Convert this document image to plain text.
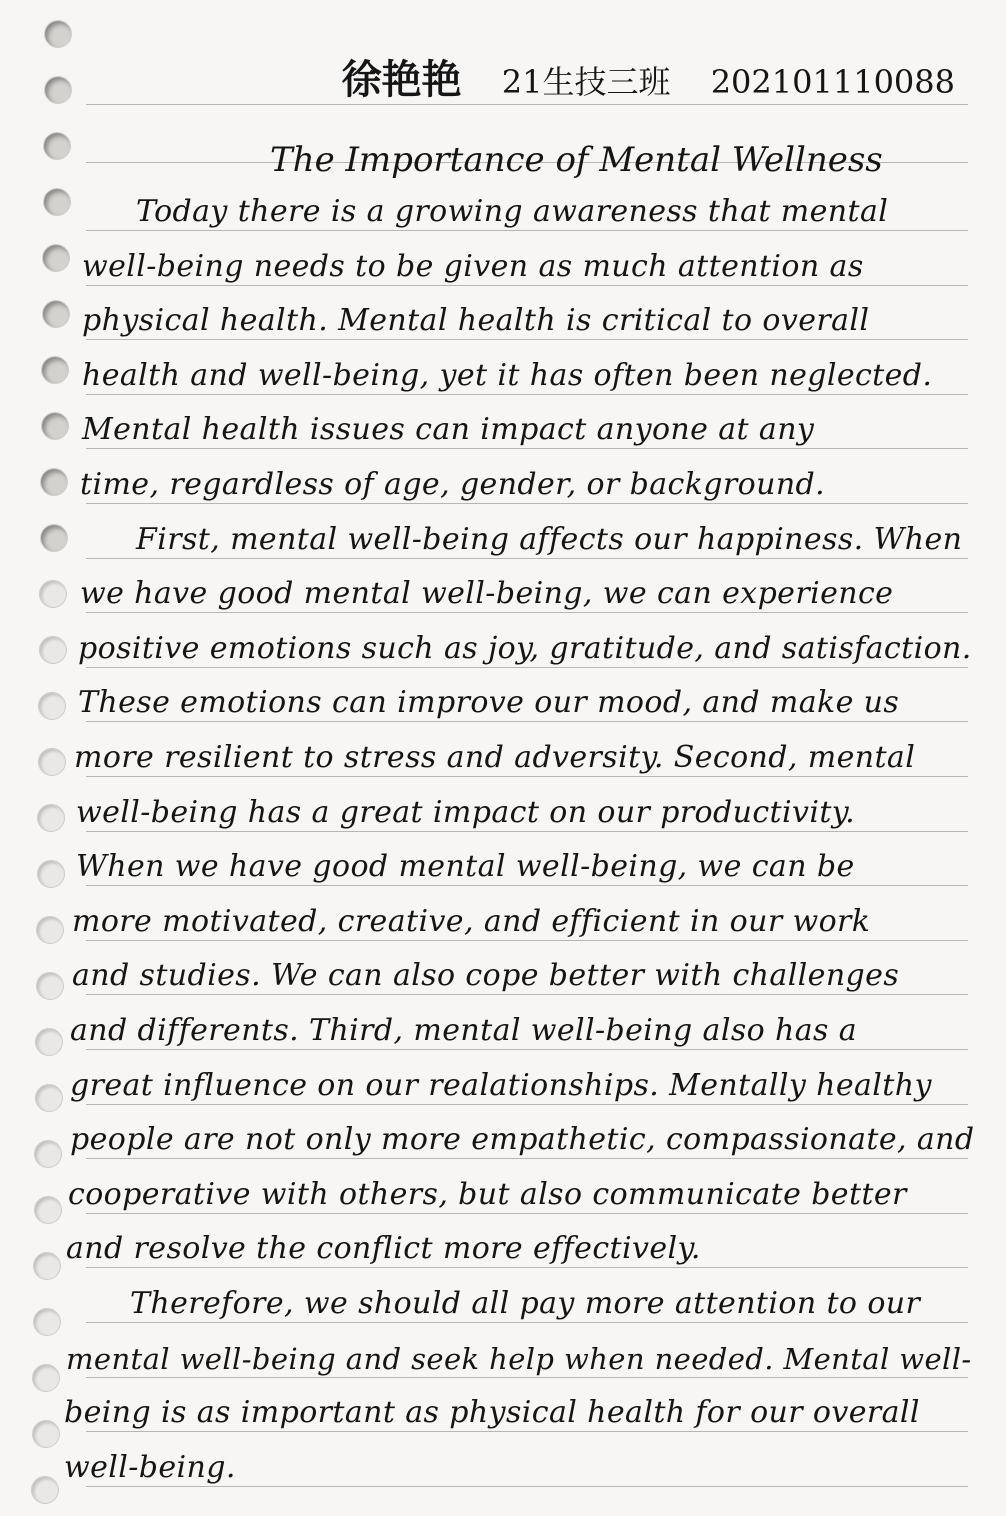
徐艳艳 21生技三班 202101110088
The Importance of Mental Wellness
Today there is a growing awareness that mental
well-being needs to be given as much attention as
physical health. Mental health is critical to overall
health and well-being, yet it has often been neglected.
Mental health issues can impact anyone at any
time, regardless of age, gender, or background.
First, mental well-being affects our happiness. When
we have good mental well-being, we can experience
positive emotions such as joy, gratitude, and satisfaction.
These emotions can improve our mood, and make us
more resilient to stress and adversity. Second, mental
well-being has a great impact on our productivity.
When we have good mental well-being, we can be
more motivated, creative, and efficient in our work
and studies. We can also cope better with challenges
and differents. Third, mental well-being also has a
great influence on our realationships. Mentally healthy
people are not only more empathetic, compassionate, and
cooperative with others, but also communicate better
and resolve the conflict more effectively.
Therefore, we should all pay more attention to our
mental well-being and seek help when needed. Mental well-
being is as important as physical health for our overall
well-being.
